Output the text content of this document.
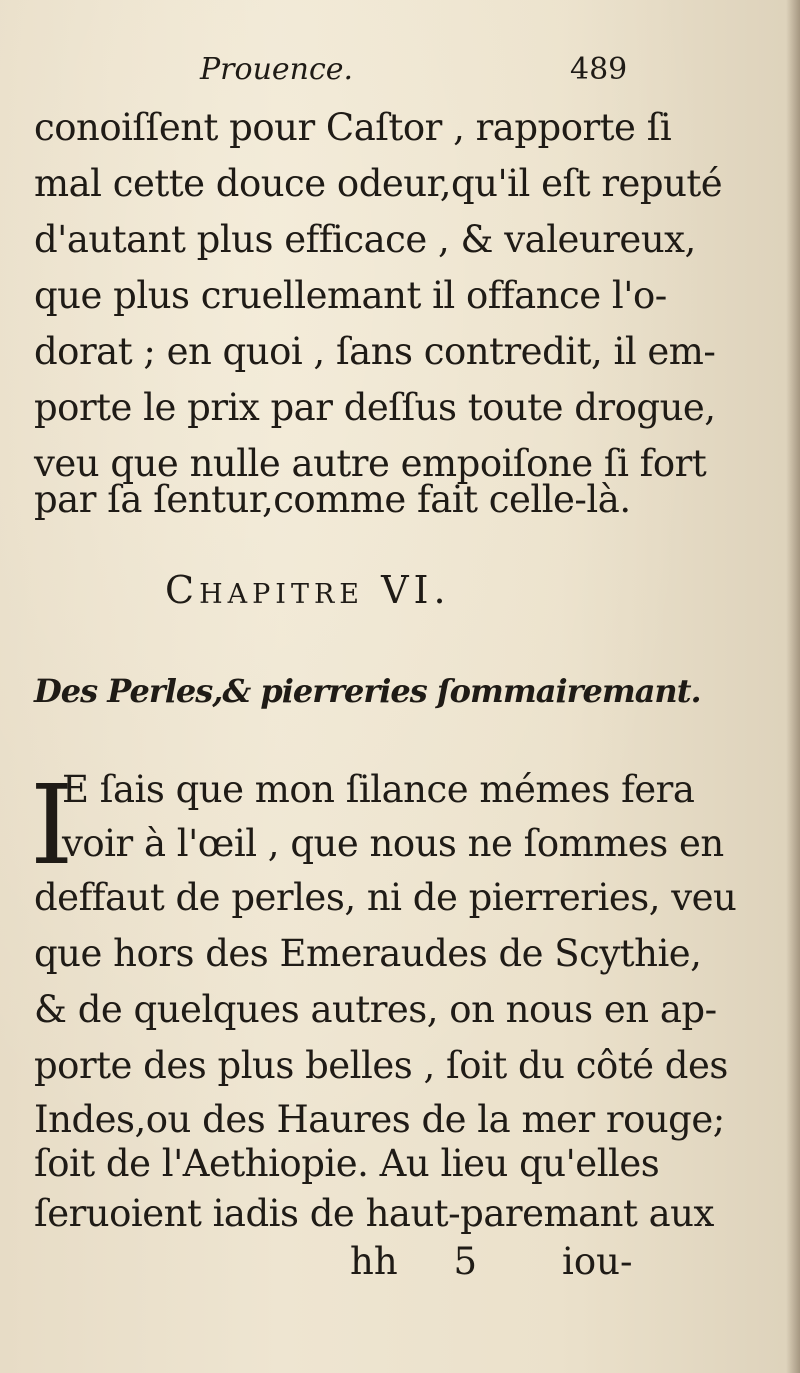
Prouence.	489
conoiſſent pour Caſtor , rapporte ſi
mal cette douce odeur,qu'il eſt reputé
d'autant plus efficace , & valeureux,
que plus cruellemant il offance l'o-
dorat ; en quoi , ſans contredit, il em-
porte le prix par deſſus toute drogue,
veu que nulle autre empoiſone ſi fort
par ſa ſentur,comme fait celle-là.
Chapitre VI.
Des Perles,& pierreries ſommairemant.
I
E ſais que mon ſilance mémes fera
voir à l'œil , que nous ne ſommes en
deffaut de perles, ni de pierreries, veu
que hors des Emeraudes de Scythie,
& de quelques autres, on nous en ap-
porte des plus belles , ſoit du côté des
Indes,ou des Haures de la mer rouge;
ſoit de l'Aethiopie. Au lieu qu'elles
ſeruoient iadis de haut-paremant aux
hh 5 iou-
